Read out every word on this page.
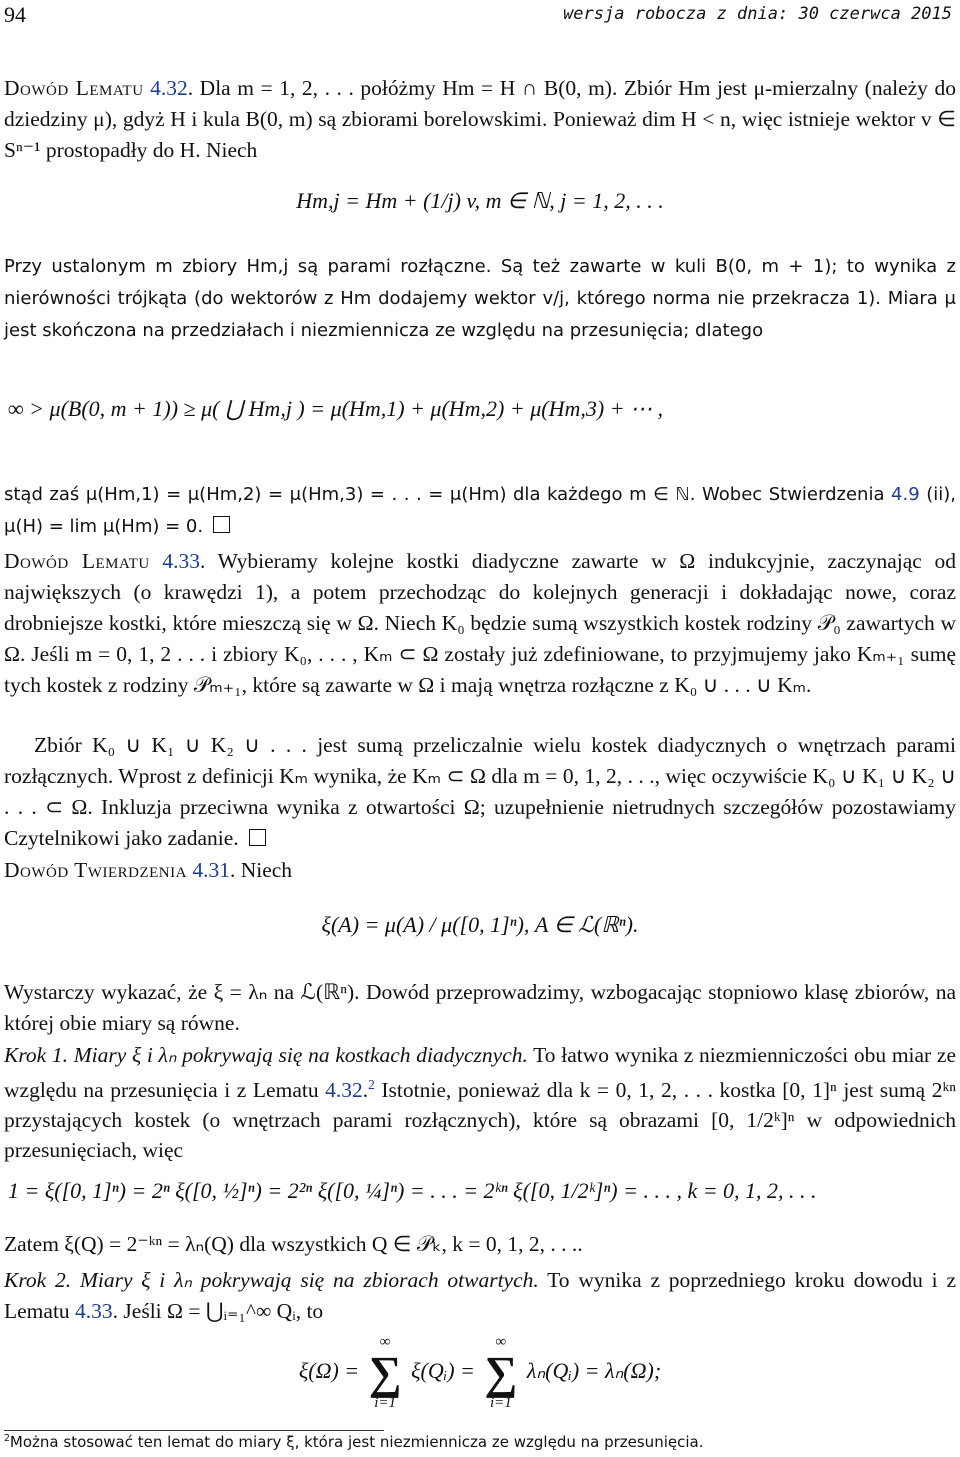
94	wersja robocza z dnia: 30 czerwca 2015

Dowód Lematu 4.32. Dla m = 1, 2, . . . połóżmy Hm = H ∩ B(0, m). Zbiór Hm jest μ-mierzalny (należy do dziedziny μ), gdyż H i kula B(0, m) są zbiorami borelowskimi. Ponieważ dim H < n, więc istnieje wektor v ∈ Sⁿ⁻¹ prostopadły do H. Niech

Hm,j = Hm + (1/j) v, m ∈ ℕ, j = 1, 2, . . .

Przy ustalonym m zbiory Hm,j są parami rozłączne. Są też zawarte w kuli B(0, m + 1); to wynika z nierówności trójkąta (do wektorów z Hm dodajemy wektor v/j, którego norma nie przekracza 1). Miara μ jest skończona na przedziałach i niezmiennicza ze względu na przesunięcia; dlatego

∞ > μ(B(0, m + 1)) ≥ μ( ⋃ Hm,j ) = μ(Hm,1) + μ(Hm,2) + μ(Hm,3) + ⋯ ,

stąd zaś μ(Hm,1) = μ(Hm,2) = μ(Hm,3) = . . . = μ(Hm) dla każdego m ∈ ℕ. Wobec Stwierdzenia 4.9 (ii), μ(H) = lim μ(Hm) = 0.

Dowód Lematu 4.33. Wybieramy kolejne kostki diadyczne zawarte w Ω indukcyjnie, zaczynając od największych (o krawędzi 1), a potem przechodząc do kolejnych generacji i dokładając nowe, coraz drobniejsze kostki, które mieszczą się w Ω. Niech K₀ będzie sumą wszystkich kostek rodziny 𝒫₀ zawartych w Ω. Jeśli m = 0, 1, 2 . . . i zbiory K₀, . . . , Kₘ ⊂ Ω zostały już zdefiniowane, to przyjmujemy jako Kₘ₊₁ sumę tych kostek z rodziny 𝒫ₘ₊₁, które są zawarte w Ω i mają wnętrza rozłączne z K₀ ∪ . . . ∪ Kₘ.

Zbiór K₀ ∪ K₁ ∪ K₂ ∪ . . . jest sumą przeliczalnie wielu kostek diadycznych o wnętrzach parami rozłącznych. Wprost z definicji Kₘ wynika, że Kₘ ⊂ Ω dla m = 0, 1, 2, . . ., więc oczywiście K₀ ∪ K₁ ∪ K₂ ∪ . . . ⊂ Ω. Inkluzja przeciwna wynika z otwartości Ω; uzupełnienie nietrudnych szczegółów pozostawiamy Czytelnikowi jako zadanie.

Dowód Twierdzenia 4.31. Niech

ξ(A) = μ(A) / μ([0, 1]ⁿ), A ∈ ℒ(ℝⁿ).

Wystarczy wykazać, że ξ = λₙ na ℒ(ℝⁿ). Dowód przeprowadzimy, wzbogacając stopniowo klasę zbiorów, na której obie miary są równe.

Krok 1. Miary ξ i λₙ pokrywają się na kostkach diadycznych. To łatwo wynika z niezmienniczości obu miar ze względu na przesunięcia i z Lematu 4.32.$^2$ Istotnie, ponieważ dla k = 0, 1, 2, . . . kostka [0, 1]ⁿ jest sumą 2ᵏⁿ przystających kostek (o wnętrzach parami rozłącznych), które są obrazami [0, 1/2ᵏ]ⁿ w odpowiednich przesunięciach, więc

1 = ξ([0, 1]ⁿ) = 2ⁿ ξ([0, ½]ⁿ) = 2²ⁿ ξ([0, ¼]ⁿ) = . . . = 2ᵏⁿ ξ([0, 1/2ᵏ]ⁿ) = . . . , k = 0, 1, 2, . . .

Zatem ξ(Q) = 2⁻ᵏⁿ = λₙ(Q) dla wszystkich Q ∈ 𝒫ₖ, k = 0, 1, 2, . . ..

Krok 2. Miary ξ i λₙ pokrywają się na zbiorach otwartych. To wynika z poprzedniego kroku dowodu i z Lematu 4.33. Jeśli Ω = ⋃ᵢ₌₁^∞ Qᵢ, to

ξ(Ω) =
∞
∑
i=1
ξ(Qᵢ) =
∞
∑
i=1
λₙ(Qᵢ) = λₙ(Ω);

$^2$Można stosować ten lemat do miary ξ, która jest niezmiennicza ze względu na przesunięcia.
